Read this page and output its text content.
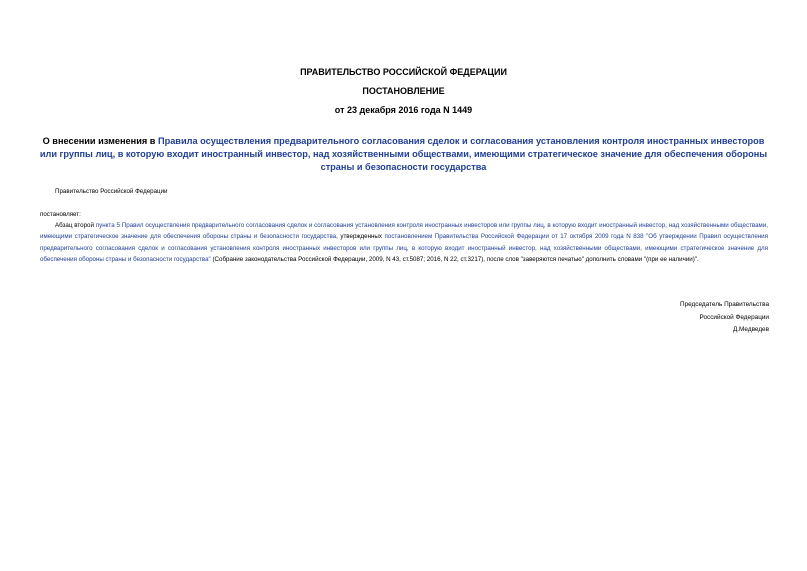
ПРАВИТЕЛЬСТВО РОССИЙСКОЙ ФЕДЕРАЦИИ
ПОСТАНОВЛЕНИЕ
от 23 декабря 2016 года N 1449
О внесении изменения в Правила осуществления предварительного согласования сделок и согласования установления контроля иностранных инвесторов или группы лиц, в которую входит иностранный инвестор, над хозяйственными обществами, имеющими стратегическое значение для обеспечения обороны страны и безопасности государства
Правительство Российской Федерации
постановляет:
Абзац второй пункта 5 Правил осуществления предварительного согласования сделок и согласования установления контроля иностранных инвесторов или группы лиц, в которую входит иностранный инвестор, над хозяйственными обществами, имеющими стратегическое значение для обеспечения обороны страны и безопасности государства, утвержденных постановлением Правительства Российской Федерации от 17 октября 2009 года N 838 "Об утверждении Правил осуществления предварительного согласования сделок и согласования установления контроля иностранных инвесторов или группы лиц, в которую входит иностранный инвестор, над хозяйственными обществами, имеющими стратегическое значение для обеспечения обороны страны и безопасности государства" (Собрание законодательства Российской Федерации, 2009, N 43, ст.5087; 2016, N 22, ст.3217), после слов "заверяются печатью" дополнить словами "(при ее наличии)".
Председатель Правительства
Российской Федерации
Д.Медведев
